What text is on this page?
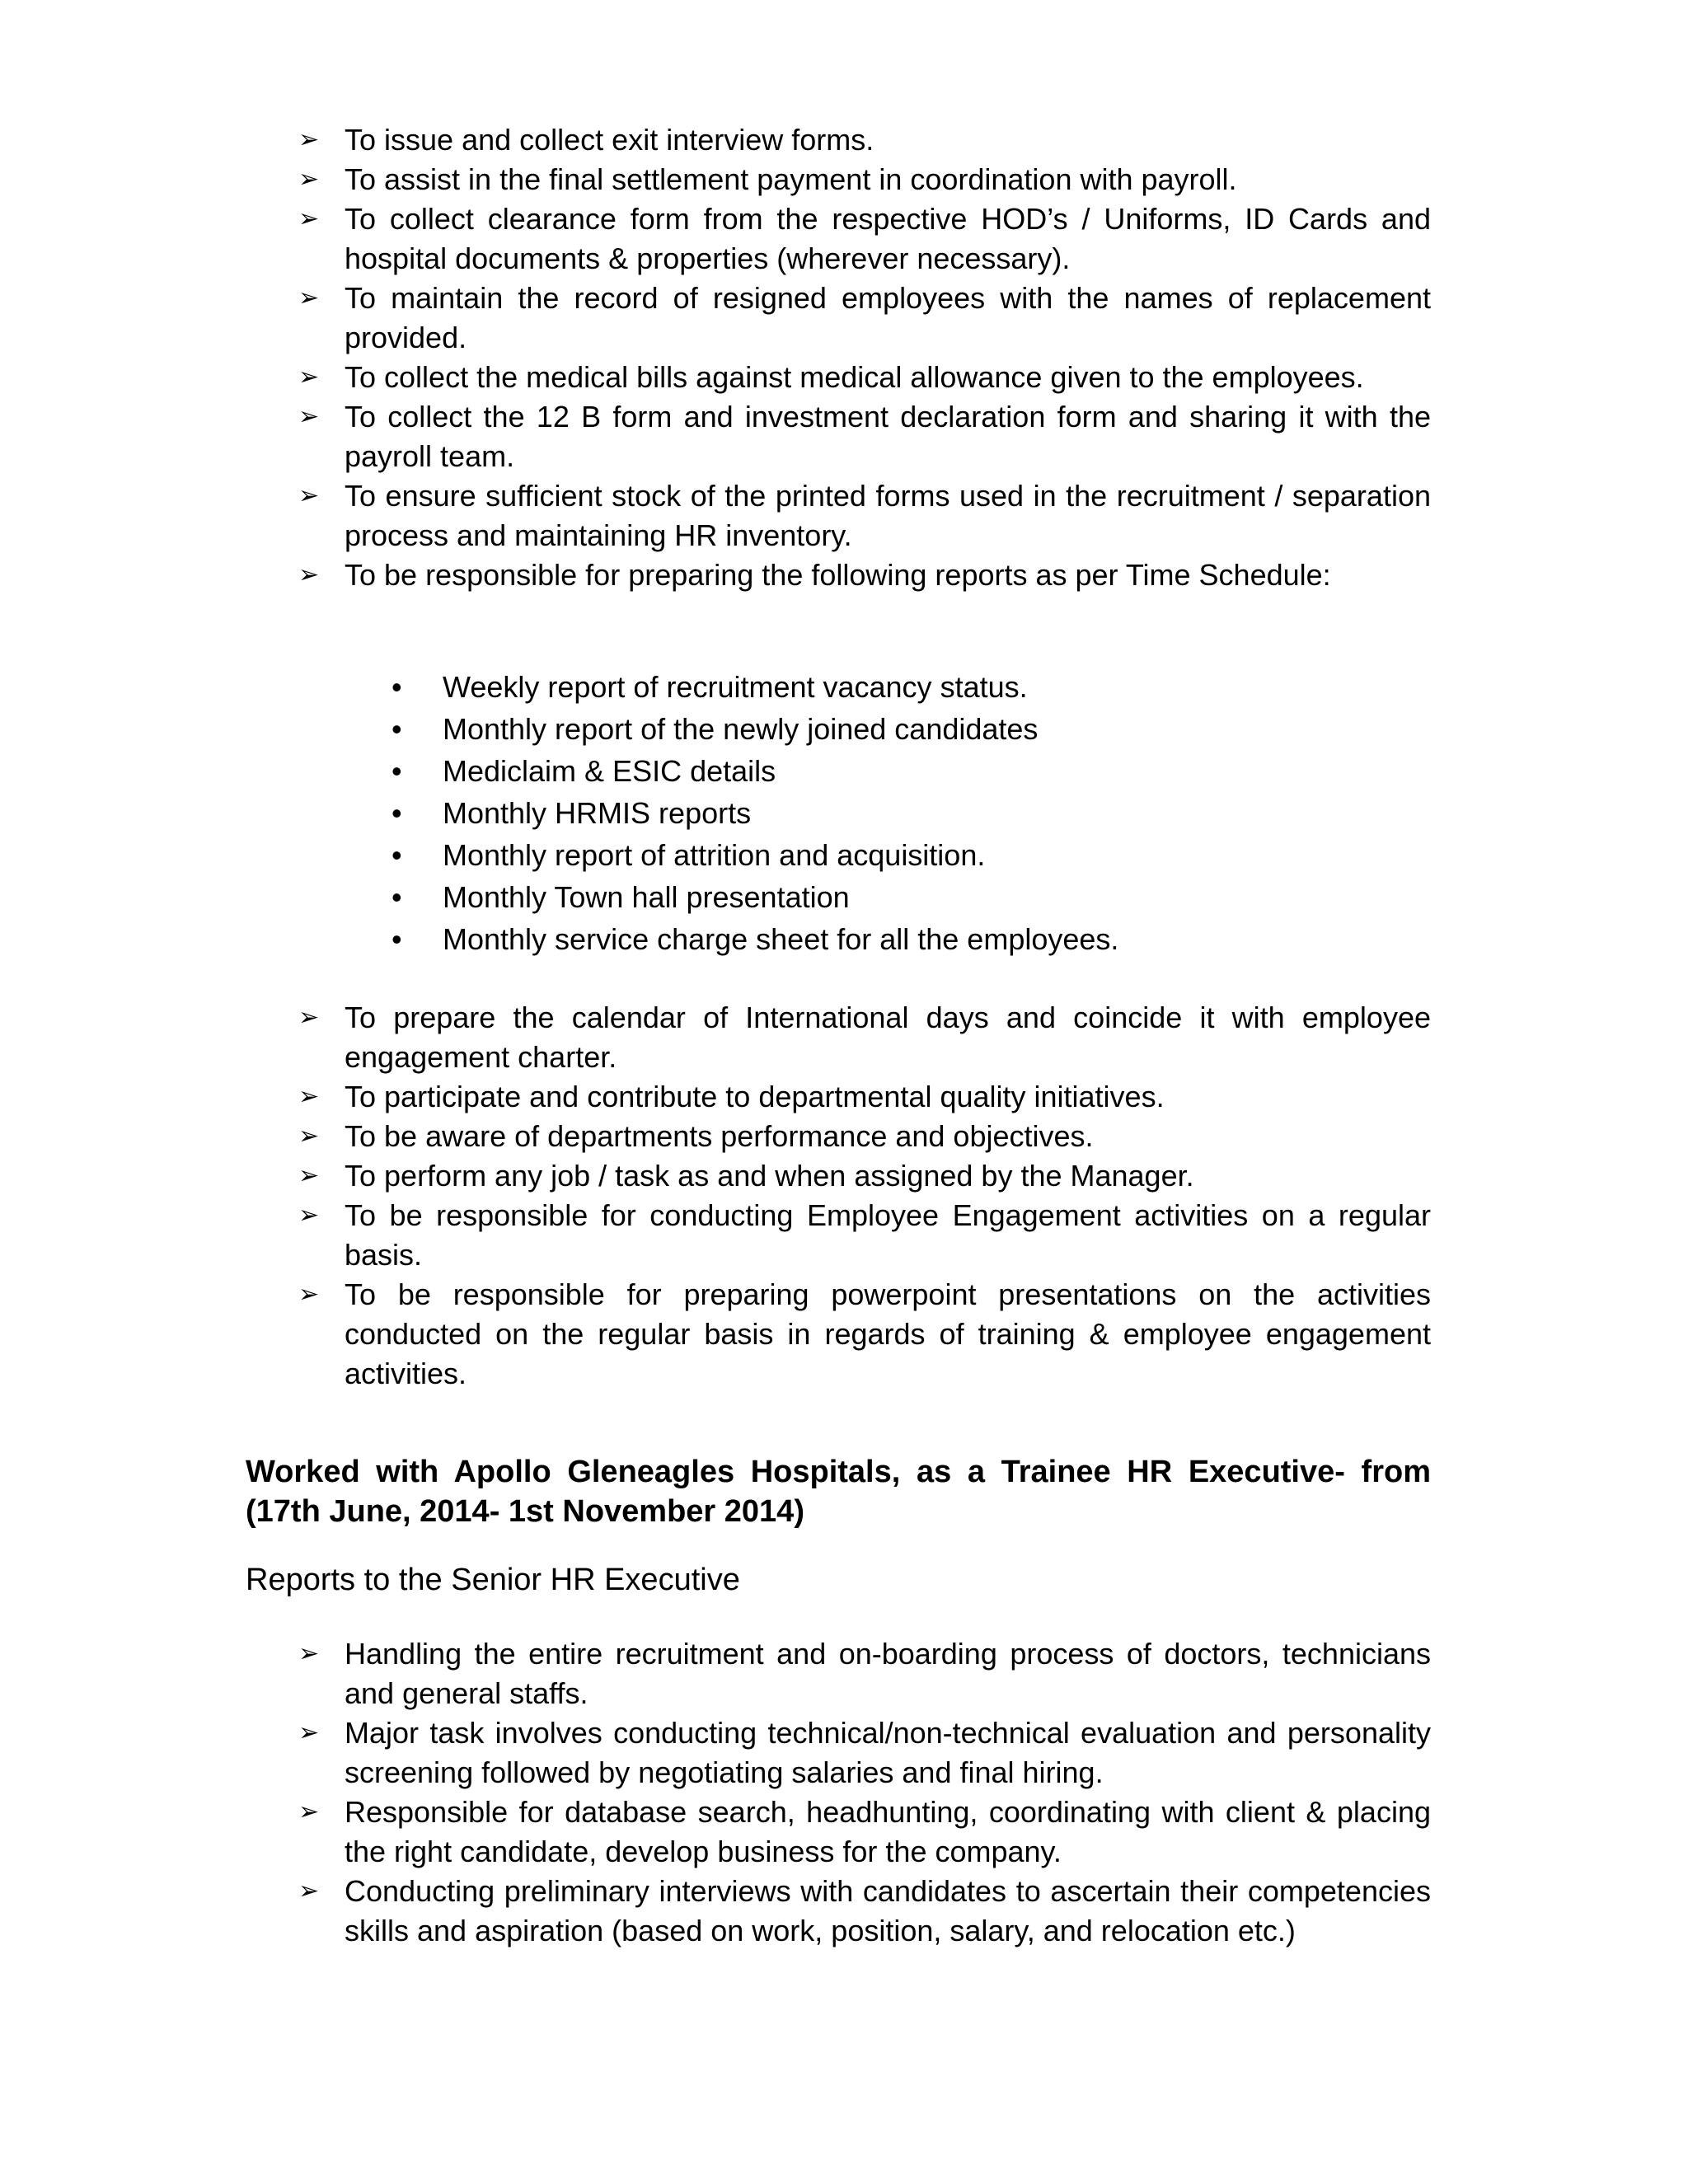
➢ To issue and collect exit interview forms.
➢ To assist in the final settlement payment in coordination with payroll.
➢ To collect clearance form from the respective HOD’s / Uniforms, ID Cards and hospital documents & properties (wherever necessary).
➢ To maintain the record of resigned employees with the names of replacement provided.
➢ To collect the medical bills against medical allowance given to the employees.
➢ To collect the 12 B form and investment declaration form and sharing it with the payroll team.
➢ To ensure sufficient stock of the printed forms used in the recruitment / separation process and maintaining HR inventory.
➢ To be responsible for preparing the following reports as per Time Schedule:
•	Weekly report of recruitment vacancy status.
•	Monthly report of the newly joined candidates
•	Mediclaim & ESIC details
•	Monthly HRMIS reports
•	Monthly report of attrition and acquisition.
•	Monthly Town hall presentation
•	Monthly service charge sheet for all the employees.
➢ To prepare the calendar of International days and coincide it with employee engagement charter.
➢ To participate and contribute to departmental quality initiatives.
➢ To be aware of departments performance and objectives.
➢ To perform any job / task as and when assigned by the Manager.
➢ To be responsible for conducting Employee Engagement activities on a regular basis.
➢ To be responsible for preparing powerpoint presentations on the activities conducted on the regular basis in regards of training & employee engagement activities.
Worked with Apollo Gleneagles Hospitals, as a Trainee HR Executive- from (17th June, 2014- 1st November 2014)
Reports to the Senior HR Executive
➢ Handling the entire recruitment and on-boarding process of doctors, technicians and general staffs.
➢ Major task involves conducting technical/non-technical evaluation and personality screening followed by negotiating salaries and final hiring.
➢ Responsible for database search, headhunting, coordinating with client & placing the right candidate, develop business for the company.
➢ Conducting preliminary interviews with candidates to ascertain their competencies skills and aspiration (based on work, position, salary, and relocation etc.)
